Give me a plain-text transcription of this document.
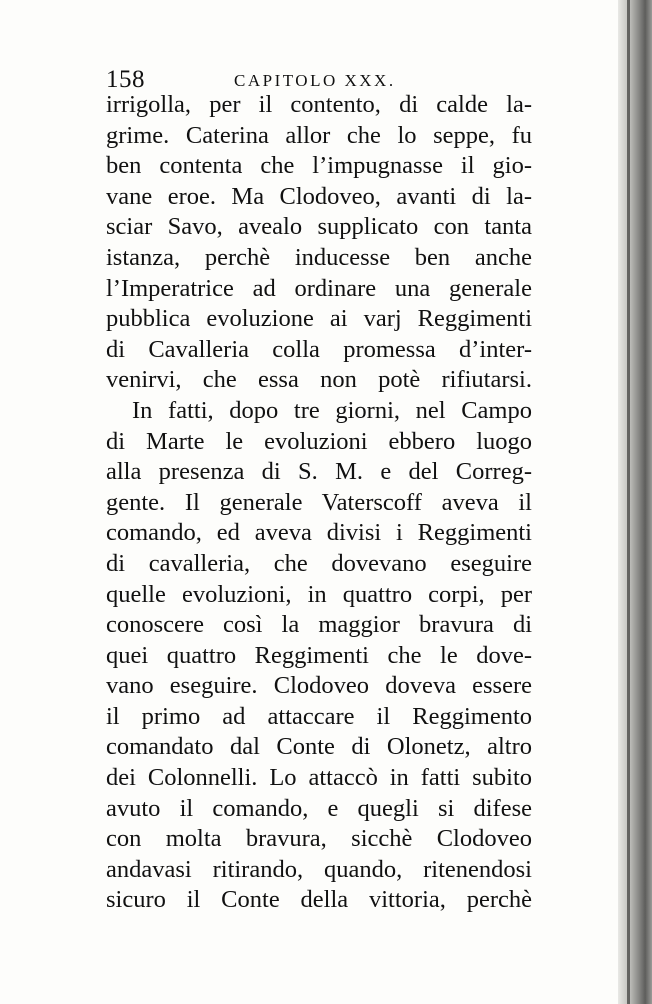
158	CAPITOLO XXX.
irrigolla, per il contento, di calde la-
grime. Caterina allor che lo seppe, fu
ben contenta che l’impugnasse il gio-
vane eroe. Ma Clodoveo, avanti di la-
sciar Savo, avealo supplicato con tanta
istanza, perchè inducesse ben anche
l’Imperatrice ad ordinare una generale
pubblica evoluzione ai varj Reggimenti
di Cavalleria colla promessa d’inter-
venirvi, che essa non potè rifiutarsi.
In fatti, dopo tre giorni, nel Campo
di Marte le evoluzioni ebbero luogo
alla presenza di S. M. e del Correg-
gente. Il generale Vaterscoff aveva il
comando, ed aveva divisi i Reggimenti
di cavalleria, che dovevano eseguire
quelle evoluzioni, in quattro corpi, per
conoscere così la maggior bravura di
quei quattro Reggimenti che le dove-
vano eseguire. Clodoveo doveva essere
il primo ad attaccare il Reggimento
comandato dal Conte di Olonetz, altro
dei Colonnelli. Lo attaccò in fatti subito
avuto il comando, e quegli si difese
con molta bravura, sicchè Clodoveo
andavasi ritirando, quando, ritenendosi
sicuro il Conte della vittoria, perchè
